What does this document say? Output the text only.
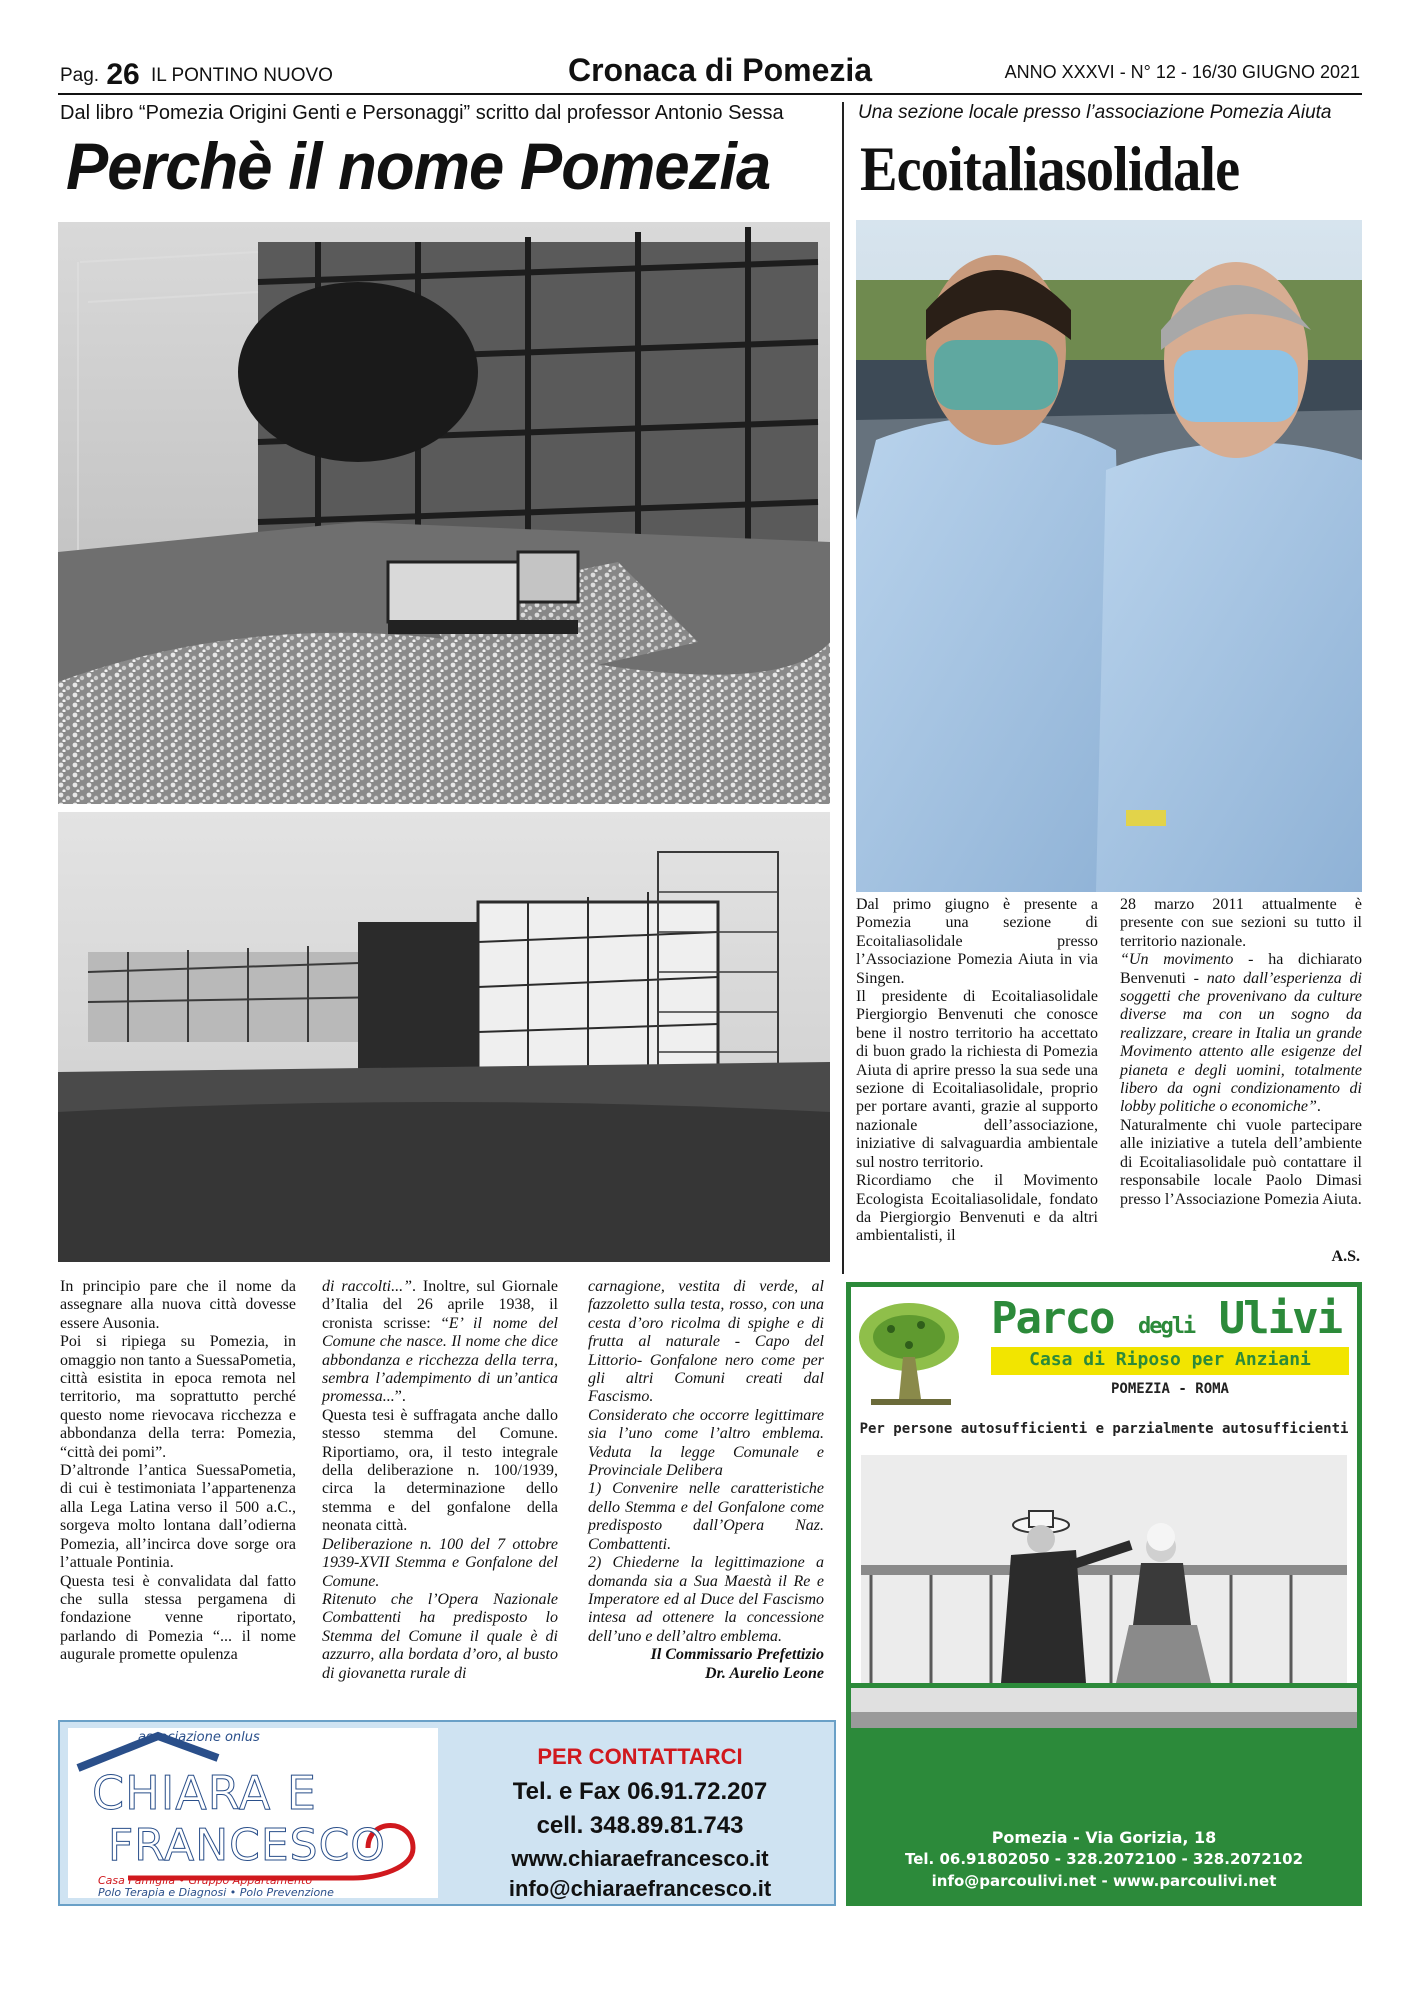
Pag. 26 IL PONTINO NUOVO	Cronaca di Pomezia	ANNO XXXVI - N° 12 - 16/30 GIUGNO 2021
Dal libro “Pomezia Origini Genti e Personaggi” scritto dal professor Antonio Sessa
Perchè il nome Pomezia
Una sezione locale presso l’associazione Pomezia Aiuta
Ecoitaliasolidale

Dal primo giugno è presente a Pomezia una sezione di Ecoitaliasolidale presso l’Associazione Pomezia Aiuta in via Singen.

Il presidente di Ecoitaliasolidale Piergiorgio Benvenuti che conosce bene il nostro territorio ha accettato di buon grado la richiesta di Pomezia Aiuta di aprire presso la sua sede una sezione di Ecoitaliasolidale, proprio per portare avanti, grazie al supporto nazionale dell’associazione, iniziative di salvaguardia ambientale sul nostro territorio.

Ricordiamo che il Movimento Ecologista Ecoitaliasolidale, fondato da Piergiorgio Benvenuti e da altri ambientalisti, il

28 marzo 2011 attualmente è presente con sue sezioni su tutto il territorio nazionale.

“Un movimento - ha dichiarato Benvenuti - nato dall’esperienza di soggetti che provenivano da culture diverse ma con un sogno da realizzare, creare in Italia un grande Movimento attento alle esigenze del pianeta e degli uomini, totalmente libero da ogni condizionamento di lobby politiche o economiche”.

Naturalmente chi vuole partecipare alle iniziative a tutela dell’ambiente di Ecoitaliasolidale può contattare il responsabile locale Paolo Dimasi presso l’Associazione Pomezia Aiuta.

A.S.

In principio pare che il nome da assegnare alla nuova città dovesse essere Ausonia.

Poi si ripiega su Pomezia, in omaggio non tanto a SuessaPometia, città esistita in epoca remota nel territorio, ma soprattutto perché questo nome rievocava ricchezza e abbondanza della terra: Pomezia, “città dei pomi”.

D’altronde l’antica SuessaPometia, di cui è testimoniata l’appartenenza alla Lega Latina verso il 500 a.C., sorgeva molto lontana dall’odierna Pomezia, all’incirca dove sorge ora l’attuale Pontinia.

Questa tesi è convalidata dal fatto che sulla stessa pergamena di fondazione venne riportato, parlando di Pomezia “... il nome augurale promette opulenza

di raccolti...”. Inoltre, sul Giornale d’Italia del 26 aprile 1938, il cronista scrisse: “E’ il nome del Comune che nasce. Il nome che dice abbondanza e ricchezza della terra, sembra l’adempimento di un’antica promessa...”.

Questa tesi è suffragata anche dallo stesso stemma del Comune. Riportiamo, ora, il testo integrale della deliberazione n. 100/1939, circa la determinazione dello stemma e del gonfalone della neonata città.

Deliberazione n. 100 del 7 ottobre 1939-XVII Stemma e Gonfalone del Comune.

Ritenuto che l’Opera Nazionale Combattenti ha predisposto lo Stemma del Comune il quale è di azzurro, alla bordata d’oro, al busto di giovanetta rurale di

carnagione, vestita di verde, al fazzoletto sulla testa, rosso, con una cesta d’oro ricolma di spighe e di frutta al naturale - Capo del Littorio- Gonfalone nero come per gli altri Comuni creati dal Fascismo.

Considerato che occorre legittimare sia l’uno come l’altro emblema. Veduta la legge Comunale e Provinciale Delibera

1) Convenire nelle caratteristiche dello Stemma e del Gonfalone come predisposto dall’Opera Naz. Combattenti.

2) Chiederne la legittimazione a domanda sia a Sua Maestà il Re e Imperatore ed al Duce del Fascismo intesa ad ottenere la concessione dell’uno e dell’altro emblema.

Il Commissario Prefettizio

Dr. Aurelio Leone

Parco degli Ulivi
Casa di Riposo per Anziani
POMEZIA - ROMA
Per persone autosufficienti e parzialmente autosufficienti
Pomezia - Via Gorizia, 18
Tel. 06.91802050 - 328.2072100 - 328.2072102
info@parcoulivi.net - www.parcoulivi.net
associazione onlus
CHIARA E
FRANCESCO
Casa Famiglia • Gruppo Appartamento
Polo Terapia e Diagnosi • Polo Prevenzione
PER CONTATTARCI
Tel. e Fax 06.91.72.207
cell. 348.89.81.743
www.chiaraefrancesco.it
info@chiaraefrancesco.it
